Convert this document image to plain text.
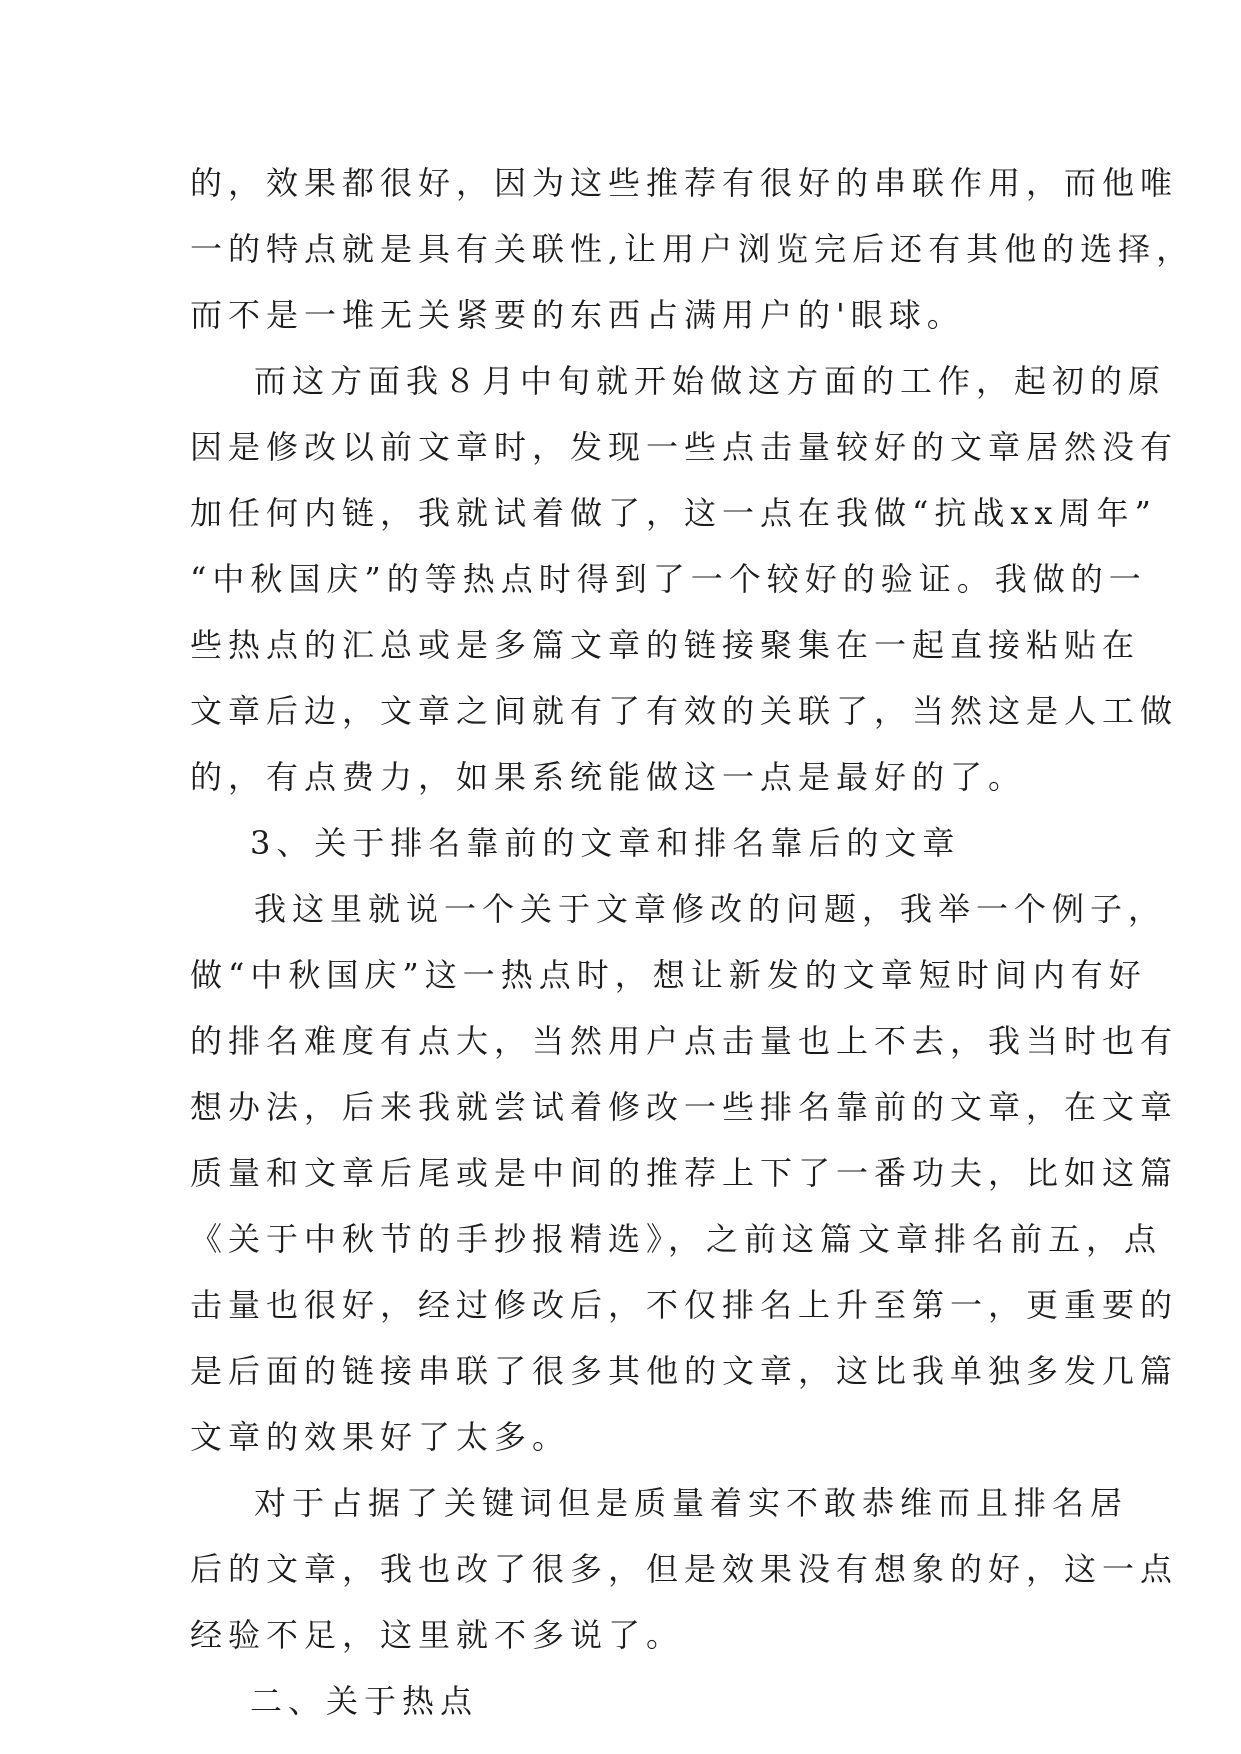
的，效果都很好，因为这些推荐有很好的串联作用，而他唯
一的特点就是具有关联性,让用户浏览完后还有其他的选择，
而不是一堆无关紧要的东西占满用户的'眼球。
而这方面我８月中旬就开始做这方面的工作，起初的原
因是修改以前文章时，发现一些点击量较好的文章居然没有
加任何内链，我就试着做了，这一点在我做“抗战xx周年”
“中秋国庆”的等热点时得到了一个较好的验证。我做的一
些热点的汇总或是多篇文章的链接聚集在一起直接粘贴在
文章后边，文章之间就有了有效的关联了，当然这是人工做
的，有点费力，如果系统能做这一点是最好的了。
3、关于排名靠前的文章和排名靠后的文章
我这里就说一个关于文章修改的问题，我举一个例子，
做“中秋国庆”这一热点时，想让新发的文章短时间内有好
的排名难度有点大，当然用户点击量也上不去，我当时也有
想办法，后来我就尝试着修改一些排名靠前的文章，在文章
质量和文章后尾或是中间的推荐上下了一番功夫，比如这篇
《关于中秋节的手抄报精选》，之前这篇文章排名前五，点
击量也很好，经过修改后，不仅排名上升至第一，更重要的
是后面的链接串联了很多其他的文章，这比我单独多发几篇
文章的效果好了太多。
对于占据了关键词但是质量着实不敢恭维而且排名居
后的文章，我也改了很多，但是效果没有想象的好，这一点
经验不足，这里就不多说了。
二、关于热点
